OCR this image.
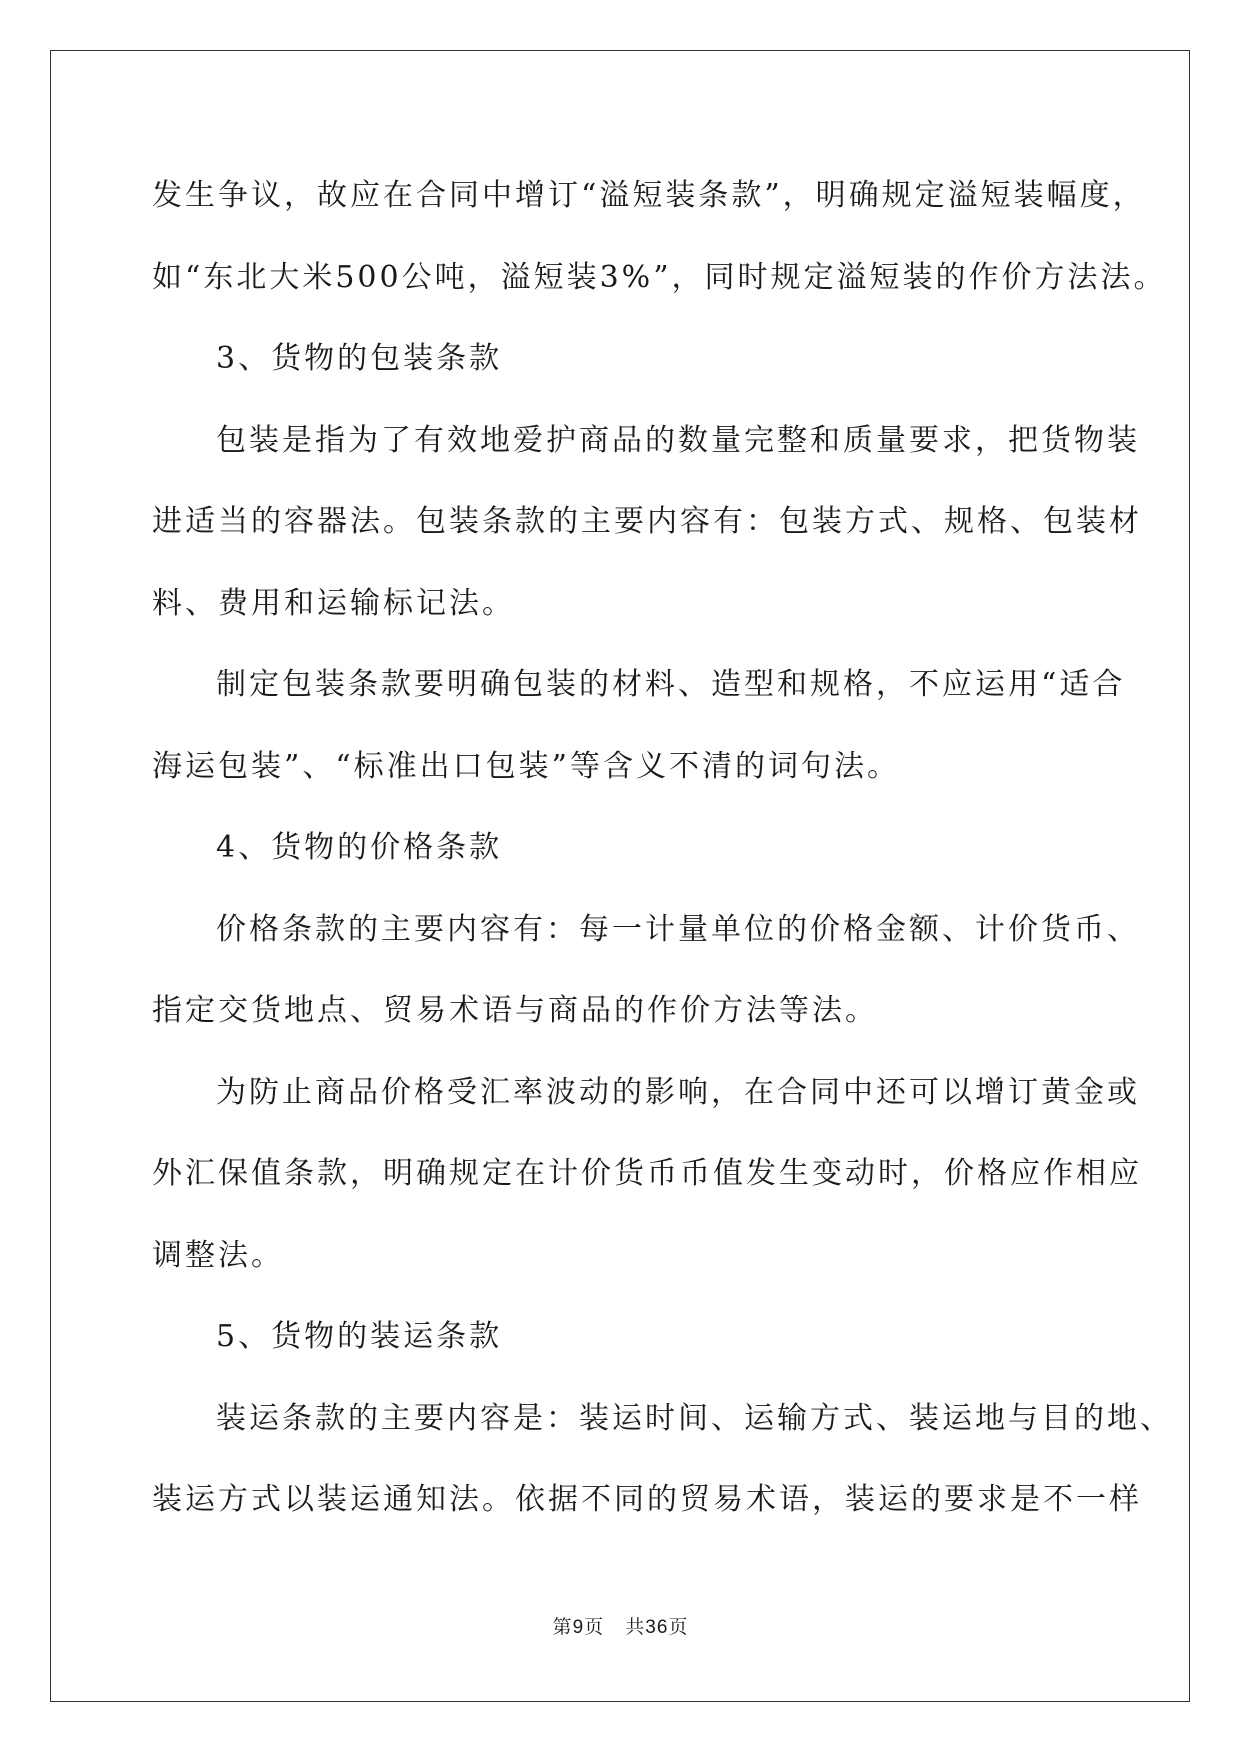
发生争议，故应在合同中增订“溢短装条款”，明确规定溢短装幅度，

如“东北大米500公吨，溢短装3%”，同时规定溢短装的作价方法法。

3、货物的包装条款

包装是指为了有效地爱护商品的数量完整和质量要求，把货物装

进适当的容器法。包装条款的主要内容有：包装方式、规格、包装材

料、费用和运输标记法。

制定包装条款要明确包装的材料、造型和规格，不应运用“适合

海运包装”、“标准出口包装”等含义不清的词句法。

4、货物的价格条款

价格条款的主要内容有：每一计量单位的价格金额、计价货币、

指定交货地点、贸易术语与商品的作价方法等法。

为防止商品价格受汇率波动的影响，在合同中还可以增订黄金或

外汇保值条款，明确规定在计价货币币值发生变动时，价格应作相应

调整法。

5、货物的装运条款

装运条款的主要内容是：装运时间、运输方式、装运地与目的地、

装运方式以装运通知法。依据不同的贸易术语，装运的要求是不一样

第9页 共36页
